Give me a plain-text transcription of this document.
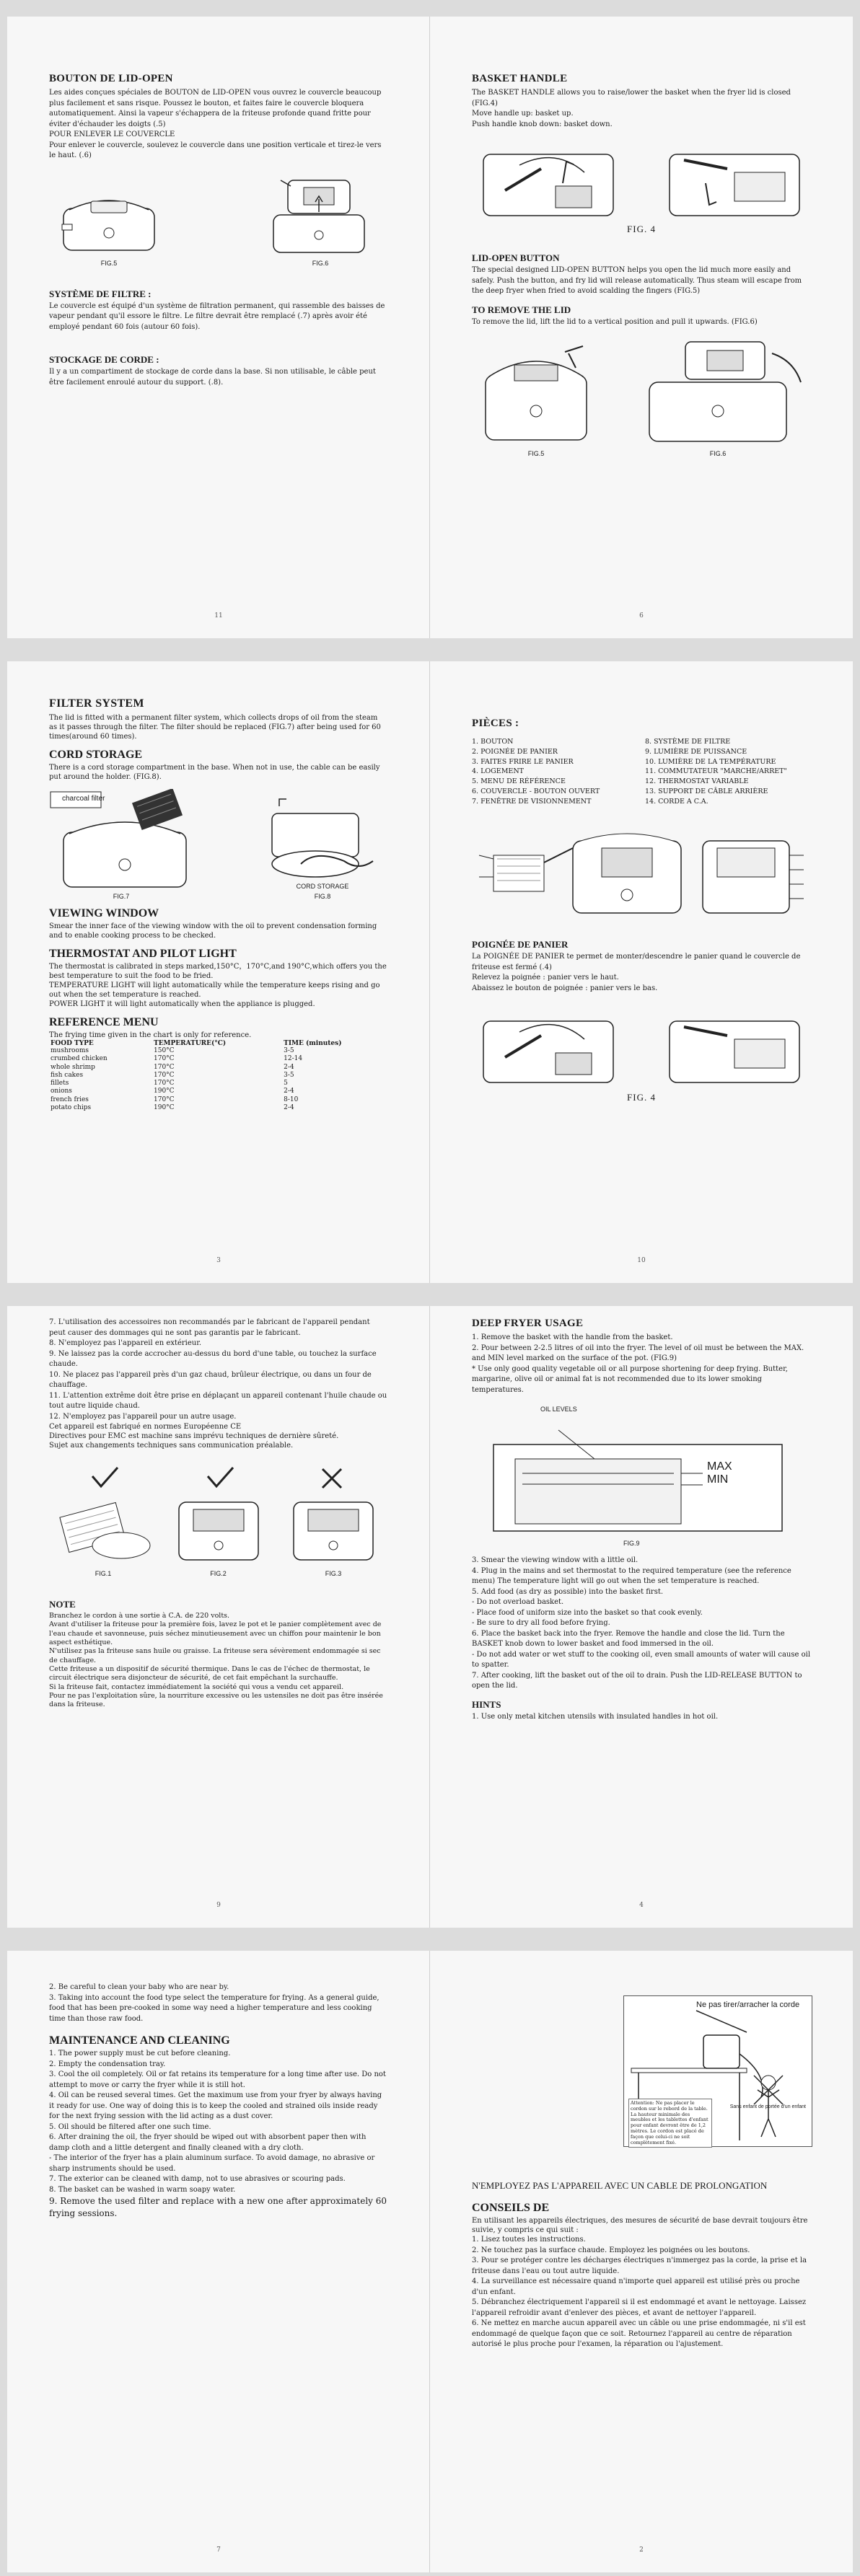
BOUTON DE LID-OPEN

Les aides conçues spéciales de BOUTON de LID-OPEN vous ouvrez le couvercle beaucoup plus facilement et sans risque. Poussez le bouton, et faites faire le couvercle bloquera automatiquement. Ainsi la vapeur s'échappera de la friteuse profonde quand fritte pour éviter d'échauder les doigts (.5)

POUR ENLEVER LE COUVERCLE

Pour enlever le couvercle, soulevez le couvercle dans une position verticale et tirez-le vers le haut. (.6)

FIG.5	FIG.6
SYSTÈME DE FILTRE :

Le couvercle est équipé d'un système de filtration permanent, qui rassemble des baisses de vapeur pendant qu'il essore le filtre. Le filtre devrait être remplacé (.7) après avoir été employé pendant 60 fois (autour 60 fois).

STOCKAGE DE CORDE :

Il y a un compartiment de stockage de corde dans la base. Si non utilisable, le câble peut être facilement enroulé autour du support. (.8).

11
BASKET HANDLE

The BASKET HANDLE allows you to raise/lower the basket when the fryer lid is closed (FIG.4)

Move handle up: basket up.

Push handle knob down: basket down.

FIG. 4
LID-OPEN BUTTON

The special designed LID-OPEN BUTTON helps you open the lid much more easily and safely. Push the button, and fry lid will release automatically. Thus steam will escape from the deep fryer when fried to avoid scalding the fingers (FIG.5)

TO REMOVE THE LID

To remove the lid, lift the lid to a vertical position and pull it upwards. (FIG.6)

FIG.5	FIG.6
6
FILTER SYSTEM

The lid is fitted with a permanent filter system, which collects drops of oil from the steam as it passes through the filter. The filter should be replaced (FIG.7) after being used for 60 times(around 60 times).

CORD STORAGE

There is a cord storage compartment in the base. When not in use, the cable can be easily put around the holder. (FIG.8).

FIG.7
CORD STORAGE
FIG.8
charcoal filter
VIEWING WINDOW

Smear the inner face of the viewing window with the oil to prevent condensation forming and to enable cooking process to be checked.

THERMOSTAT AND PILOT LIGHT

The thermostat is calibrated in steps marked,150°C，170°C,and 190°C,which offers you the best temperature to suit the food to be fried.

TEMPERATURE LIGHT will light automatically while the temperature keeps rising and go out when the set temperature is reached.

POWER LIGHT it will light automatically when the appliance is plugged.

REFERENCE MENU

The frying time given in the chart is only for reference.

FOOD TYPE	TEMPERATURE(°C)	TIME (minutes)
mushrooms	150°C	3-5
crumbed chicken	170°C	12-14
whole shrimp	170°C	2-4
fish cakes	170°C	3-5
fillets	170°C	5
onions	190°C	2-4
french fries	170°C	8-10
potato chips	190°C	2-4
3
PIÈCES :
1. BOUTON
2. POIGNÉE DE PANIER
3. FAITES FRIRE LE PANIER
4. LOGEMENT
5. MENU DE RÉFÉRENCE
6. COUVERCLE - BOUTON OUVERT
7. FENÊTRE DE VISIONNEMENT
8. SYSTÈME DE FILTRE
9. LUMIÈRE DE PUISSANCE
10. LUMIÈRE DE LA TEMPÉRATURE
11. COMMUTATEUR "MARCHE/ARRET"
12. THERMOSTAT VARIABLE
13. SUPPORT DE CÂBLE ARRIÈRE
14. CORDE A C.A.
POIGNÉE DE PANIER

La POIGNÉE DE PANIER te permet de monter/descendre le panier quand le couvercle de friteuse est fermé (.4)

Relevez la poignée : panier vers le haut.

Abaissez le bouton de poignée : panier vers le bas.

FIG. 4
10
7. L'utilisation des accessoires non recommandés par le fabricant de l'appareil pendant peut causer des dommages qui ne sont pas garantis par le fabricant.
8. N'employez pas l'appareil en extérieur.
9. Ne laissez pas la corde accrocher au-dessus du bord d'une table, ou touchez la surface chaude.
10. Ne placez pas l'appareil près d'un gaz chaud, brûleur électrique, ou dans un four de chauffage.
11. L'attention extrême doit être prise en déplaçant un appareil contenant l'huile chaude ou tout autre liquide chaud.
12. N'employez pas l'appareil pour un autre usage.

Cet appareil est fabriqué en normes Européenne CE

Directives pour EMC est machine sans imprévu techniques de dernière sûreté.

Sujet aux changements techniques sans communication préalable.

FIG.1	FIG.2	FIG.3
NOTE

Branchez le cordon à une sortie à C.A. de 220 volts.

Avant d'utiliser la friteuse pour la première fois, lavez le pot et le panier complètement avec de l'eau chaude et savonneuse, puis séchez minutieusement avec un chiffon pour maintenir le bon aspect esthétique.

N'utilisez pas la friteuse sans huile ou graisse. La friteuse sera sévèrement endommagée si sec de chauffage.

Cette friteuse a un dispositif de sécurité thermique. Dans le cas de l'échec de thermostat, le circuit électrique sera disjoncteur de sécurité, de cet fait empêchant la surchauffe.

Si la friteuse fait, contactez immédiatement la société qui vous a vendu cet appareil.

Pour ne pas l'exploitation sûre, la nourriture excessive ou les ustensiles ne doit pas être insérée dans la friteuse.

9
DEEP FRYER USAGE
1. Remove the basket with the handle from the basket.
2. Pour between 2-2.5 litres of oil into the fryer. The level of oil must be between the MAX. and MIN level marked on the surface of the pot. (FIG.9)
* Use only good quality vegetable oil or all purpose shortening for deep frying. Butter, margarine, olive oil or animal fat is not recommended due to its lower smoking temperatures.
OIL LEVELS
MAX
MIN
FIG.9
3. Smear the viewing window with a little oil.
4. Plug in the mains and set thermostat to the required temperature (see the reference menu) The temperature light will go out when the set temperature is reached.
5. Add food (as dry as possible) into the basket first.
- Do not overload basket.
- Place food of uniform size into the basket so that cook evenly.
- Be sure to dry all food before frying.
6. Place the basket back into the fryer. Remove the handle and close the lid. Turn the BASKET knob down to lower basket and food immersed in the oil.
- Do not add water or wet stuff to the cooking oil, even small amounts of water will cause oil to spatter.
7. After cooking, lift the basket out of the oil to drain. Push the LID-RELEASE BUTTON to open the lid.
HINTS

1. Use only metal kitchen utensils with insulated handles in hot oil.

4
2. Be careful to clean your baby who are near by.
3. Taking into account the food type select the temperature for frying. As a general guide, food that has been pre-cooked in some way need a higher temperature and less cooking time than those raw food.
MAINTENANCE AND CLEANING
1. The power supply must be cut before cleaning.
2. Empty the condensation tray.
3. Cool the oil completely. Oil or fat retains its temperature for a long time after use. Do not attempt to move or carry the fryer while it is still hot.
4. Oil can be reused several times. Get the maximum use from your fryer by always having it ready for use. One way of doing this is to keep the cooled and strained oils inside ready for the next frying session with the lid acting as a dust cover.
5. Oil should be filtered after one such time.
6. After draining the oil, the fryer should be wiped out with absorbent paper then with damp cloth and a little detergent and finally cleaned with a dry cloth.
- The interior of the fryer has a plain aluminum surface. To avoid damage, no abrasive or sharp instruments should be used.
7. The exterior can be cleaned with damp, not to use abrasives or scouring pads.
8. The basket can be washed in warm soapy water.
9. Remove the used filter and replace with a new one after approximately 60 frying sessions.
7
Ne pas tirer/arracher la corde
Attention: Ne pas placer le cordon sur le rebord de la table. La hauteur minimale des meubles et les tablettes d'enfant pour enfant devront être de 1,2 mètres. Le cordon est placé de façon que celui-ci ne soit complètement fixé.
Sans enfant de portée d'un enfant
N'EMPLOYEZ PAS L'APPAREIL AVEC UN CABLE DE PROLONGATION
CONSEILS DE

En utilisant les appareils électriques, des mesures de sécurité de base devrait toujours être suivie, y compris ce qui suit :

1. Lisez toutes les instructions.
2. Ne touchez pas la surface chaude. Employez les poignées ou les boutons.
3. Pour se protéger contre les décharges électriques n'immergez pas la corde, la prise et la friteuse dans l'eau ou tout autre liquide.
4. La surveillance est nécessaire quand n'importe quel appareil est utilisé près ou proche d'un enfant.
5. Débranchez électriquement l'appareil si il est endommagé et avant le nettoyage. Laissez l'appareil refroidir avant d'enlever des pièces, et avant de nettoyer l'appareil.
6. Ne mettez en marche aucun appareil avec un câble ou une prise endommagée, ni s'il est endommagé de quelque façon que ce soit. Retournez l'appareil au centre de réparation autorisé le plus proche pour l'examen, la réparation ou l'ajustement.
2
